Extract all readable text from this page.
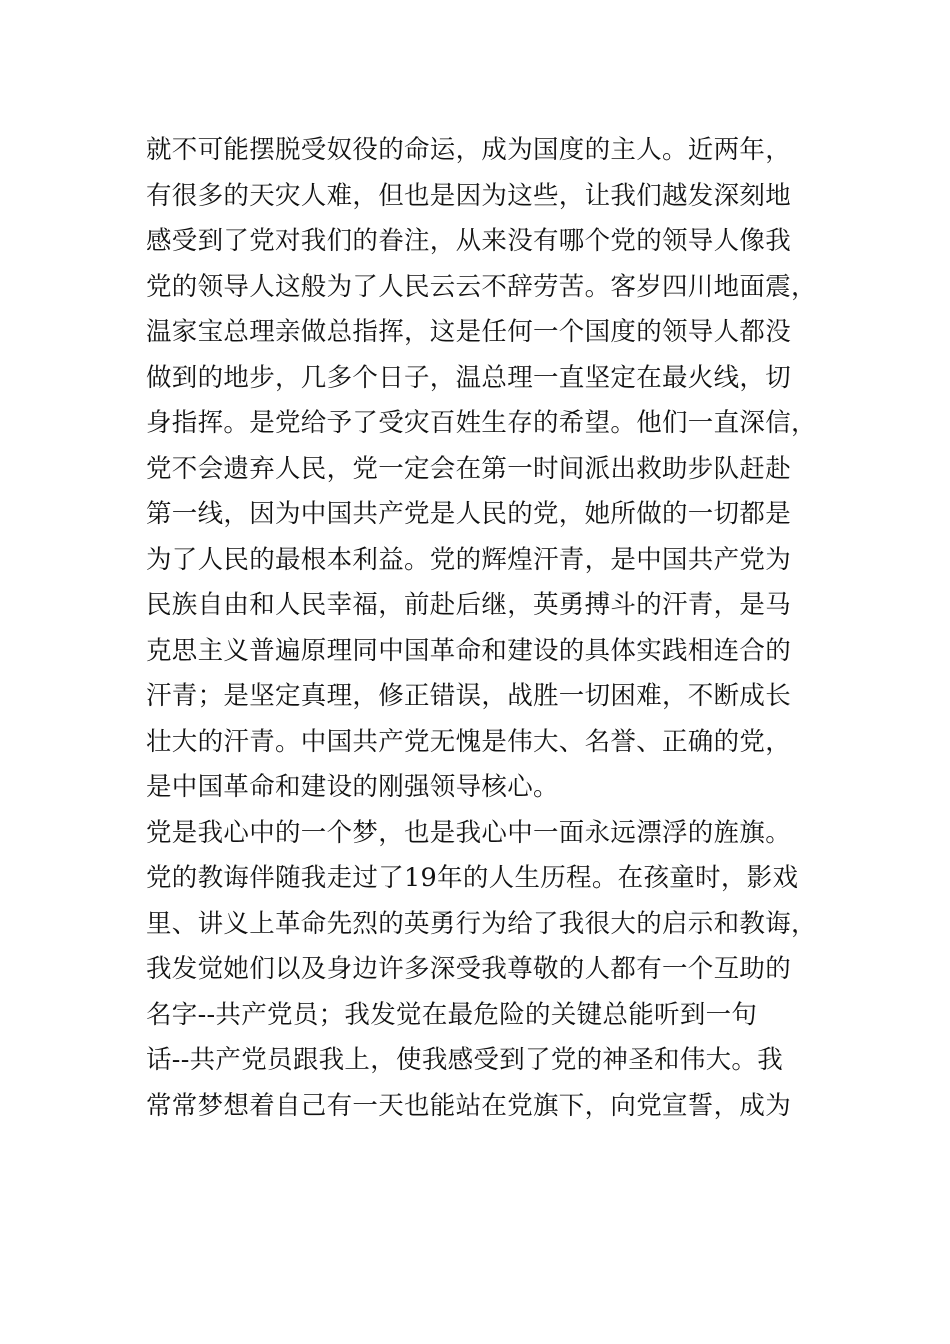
就不可能摆脱受奴役的命运，成为国度的主人。近两年，
有很多的天灾人难，但也是因为这些，让我们越发深刻地
感受到了党对我们的眷注，从来没有哪个党的领导人像我
党的领导人这般为了人民云云不辞劳苦。客岁四川地面震，
温家宝总理亲做总指挥，这是任何一个国度的领导人都没
做到的地步，几多个日子，温总理一直坚定在最火线，切
身指挥。是党给予了受灾百姓生存的希望。他们一直深信，
党不会遗弃人民，党一定会在第一时间派出救助步队赶赴
第一线，因为中国共产党是人民的党，她所做的一切都是
为了人民的最根本利益。党的辉煌汗青，是中国共产党为
民族自由和人民幸福，前赴后继，英勇搏斗的汗青，是马
克思主义普遍原理同中国革命和建设的具体实践相连合的
汗青；是坚定真理，修正错误，战胜一切困难，不断成长
壮大的汗青。中国共产党无愧是伟大、名誉、正确的党，
是中国革命和建设的刚强领导核心。
党是我心中的一个梦，也是我心中一面永远漂浮的旌旗。
党的教诲伴随我走过了19年的人生历程。在孩童时，影戏
里、讲义上革命先烈的英勇行为给了我很大的启示和教诲，
我发觉她们以及身边许多深受我尊敬的人都有一个互助的
名字--共产党员；我发觉在最危险的关键总能听到一句
话--共产党员跟我上，使我感受到了党的神圣和伟大。我
常常梦想着自己有一天也能站在党旗下，向党宣誓，成为
